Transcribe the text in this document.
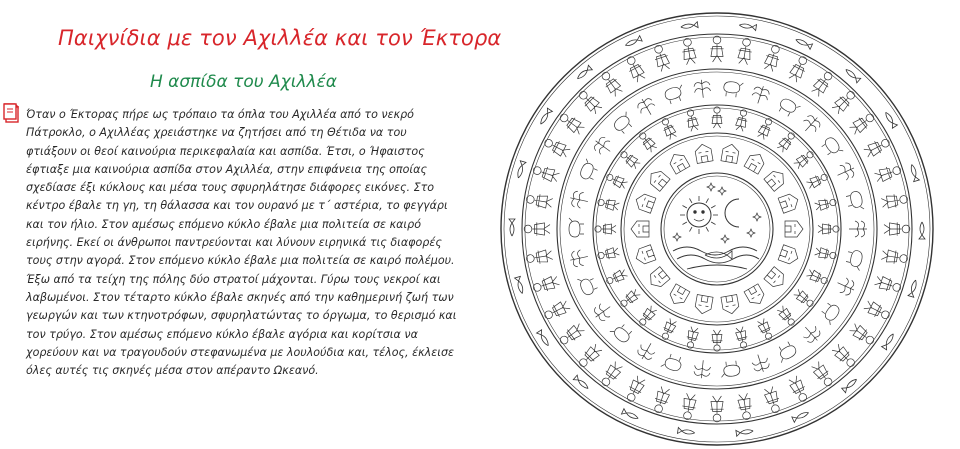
Παιχνίδια με τον Αχιλλέα και τον Έκτορα
Η ασπίδα του Αχιλλέα
Όταν ο Έκτορας πήρε ως τρόπαιο τα όπλα του Αχιλλέα από το νεκρό
Πάτροκλο, ο Αχιλλέας χρειάστηκε να ζητήσει από τη Θέτιδα να του
φτιάξουν οι θεοί καινούρια περικεφαλαία και ασπίδα. Έτσι, ο Ήφαιστος
έφτιαξε μια καινούρια ασπίδα στον Αχιλλέα, στην επιφάνεια της οποίας
σχεδίασε έξι κύκλους και μέσα τους σφυρηλάτησε διάφορες εικόνες. Στο
κέντρο έβαλε τη γη, τη θάλασσα και τον ουρανό με τ΄ αστέρια, το φεγγάρι
και τον ήλιο. Στον αμέσως επόμενο κύκλο έβαλε μια πολιτεία σε καιρό
ειρήνης. Εκεί οι άνθρωποι παντρεύονται και λύνουν ειρηνικά τις διαφορές
τους στην αγορά. Στον επόμενο κύκλο έβαλε μια πολιτεία σε καιρό πολέμου.
Έξω από τα τείχη της πόλης δύο στρατοί μάχονται. Γύρω τους νεκροί και
λαβωμένοι. Στον τέταρτο κύκλο έβαλε σκηνές από την καθημερινή ζωή των
γεωργών και των κτηνοτρόφων, σφυρηλατώντας το όργωμα, το θερισμό και
τον τρύγο. Στον αμέσως επόμενο κύκλο έβαλε αγόρια και κορίτσια να
χορεύουν και να τραγουδούν στεφανωμένα με λουλούδια και, τέλος, έκλεισε
όλες αυτές τις σκηνές μέσα στον απέραντο Ωκεανό.
